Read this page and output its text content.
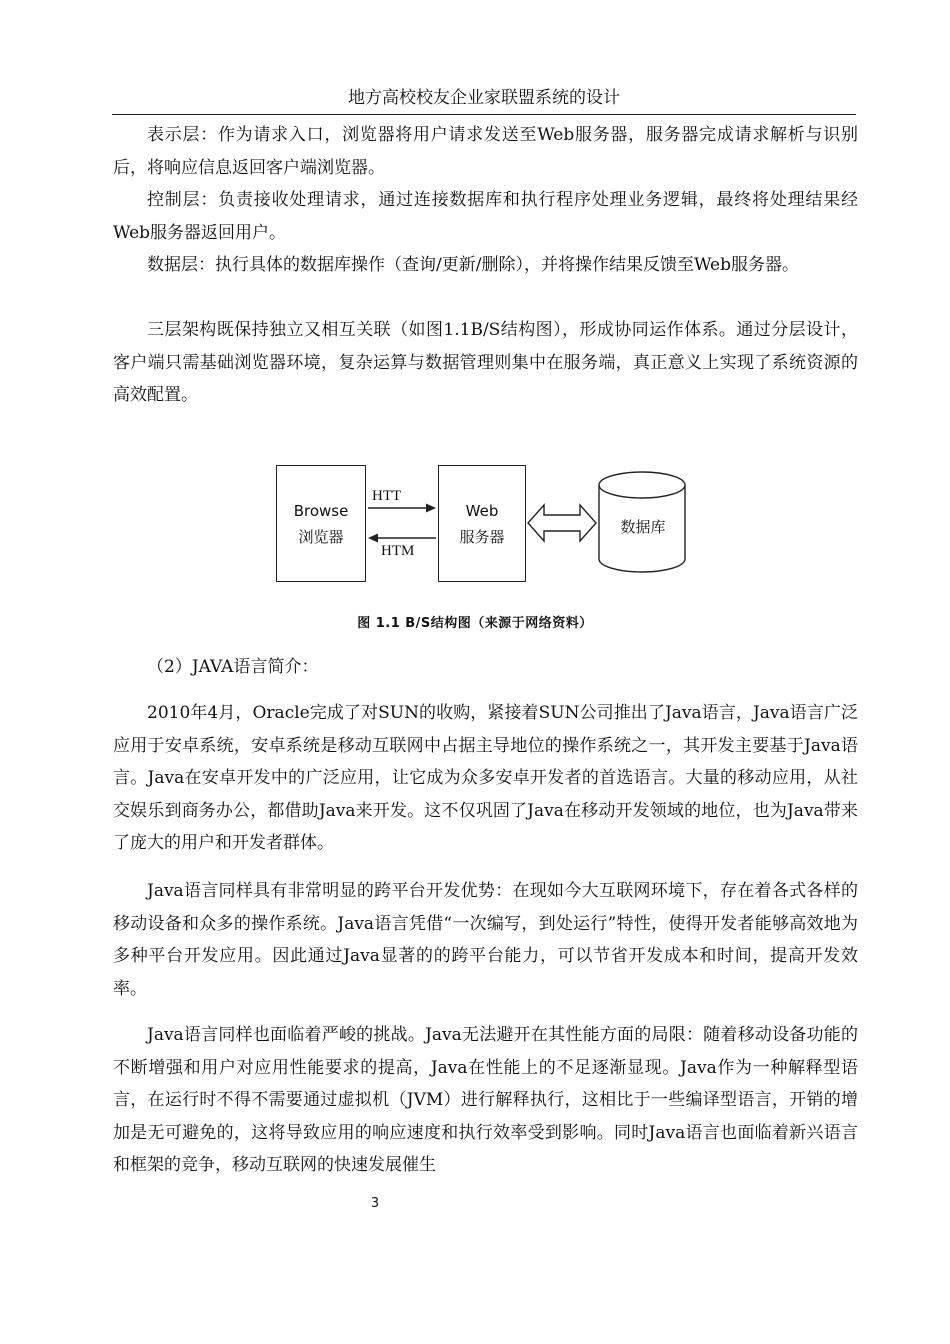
地方高校校友企业家联盟系统的设计

表示层：作为请求入口，浏览器将用户请求发送至Web服务器，服务器完成请求解析与识别后，将响应信息返回客户端浏览器。

控制层：负责接收处理请求，通过连接数据库和执行程序处理业务逻辑，最终将处理结果经Web服务器返回用户。

数据层：执行具体的数据库操作（查询/更新/删除），并将操作结果反馈至Web服务器。

三层架构既保持独立又相互关联（如图1.1B/S结构图），形成协同运作体系。通过分层设计，客户端只需基础浏览器环境，复杂运算与数据管理则集中在服务端，真正意义上实现了系统资源的高效配置。

Browse
浏览器
Web
服务器
HTT
HTM
数据库
图 1.1 B/S结构图（来源于网络资料）

（2）JAVA语言简介：

2010年4月，Oracle完成了对SUN的收购，紧接着SUN公司推出了Java语言，Java语言广泛应用于安卓系统，安卓系统是移动互联网中占据主导地位的操作系统之一，其开发主要基于Java语言。Java在安卓开发中的广泛应用，让它成为众多安卓开发者的首选语言。大量的移动应用，从社交娱乐到商务办公，都借助Java来开发。这不仅巩固了Java在移动开发领域的地位，也为Java带来了庞大的用户和开发者群体。

Java语言同样具有非常明显的跨平台开发优势：在现如今大互联网环境下，存在着各式各样的移动设备和众多的操作系统。Java语言凭借“一次编写，到处运行”特性，使得开发者能够高效地为多种平台开发应用。因此通过Java显著的的跨平台能力，可以节省开发成本和时间，提高开发效率。

Java语言同样也面临着严峻的挑战。Java无法避开在其性能方面的局限：随着移动设备功能的不断增强和用户对应用性能要求的提高，Java在性能上的不足逐渐显现。Java作为一种解释型语言，在运行时不得不需要通过虚拟机（JVM）进行解释执行，这相比于一些编译型语言，开销的增加是无可避免的，这将导致应用的响应速度和执行效率受到影响。同时Java语言也面临着新兴语言和框架的竞争，移动互联网的快速发展催生

3
